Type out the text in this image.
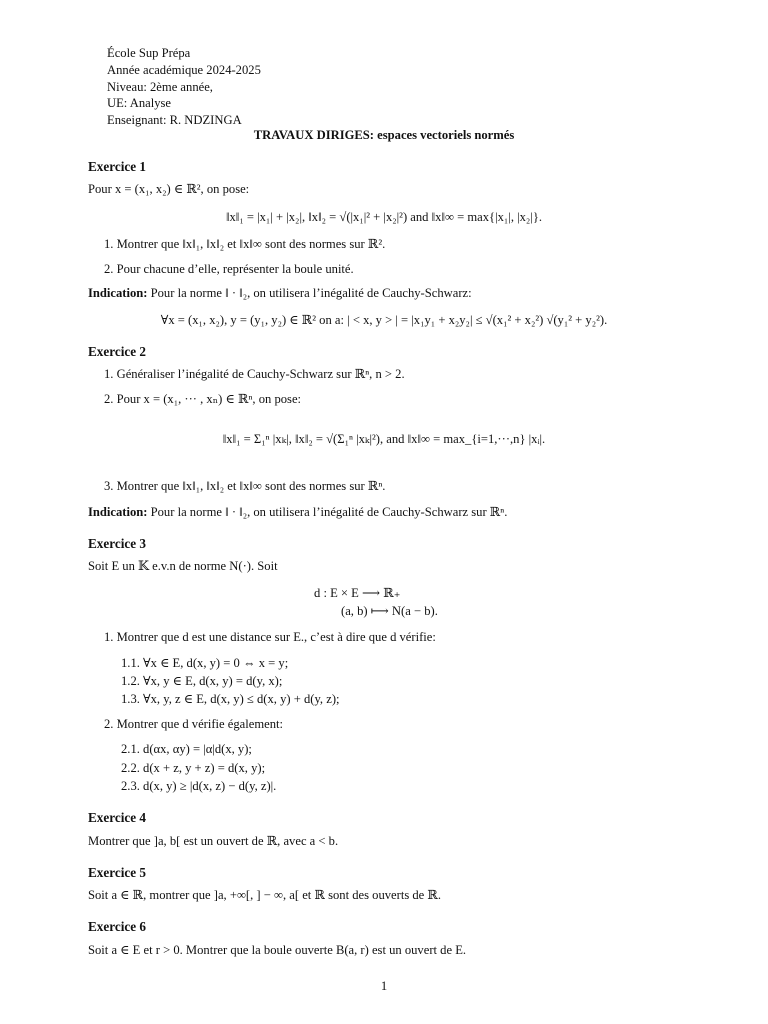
École Sup Prépa
Année académique 2024-2025
Niveau: 2ème année,
UE: Analyse
Enseignant: R. NDZINGA
TRAVAUX DIRIGES: espaces vectoriels normés
Exercice 1
Pour x = (x₁, x₂) ∈ ℝ², on pose:
‖x‖₁ = |x₁| + |x₂|, ‖x‖₂ = √(|x₁|² + |x₂|²) and ‖x‖∞ = max{|x₁|, |x₂|}.
1. Montrer que ‖x‖₁, ‖x‖₂ et ‖x‖∞ sont des normes sur ℝ².
2. Pour chacune d’elle, représenter la boule unité.
Indication: Pour la norme ‖ · ‖₂, on utilisera l’inégalité de Cauchy-Schwarz:
∀x = (x₁, x₂), y = (y₁, y₂) ∈ ℝ² on a: | < x, y > | = |x₁y₁ + x₂y₂| ≤ √(x₁² + x₂²) √(y₁² + y₂²).
Exercice 2
1. Généraliser l’inégalité de Cauchy-Schwarz sur ℝⁿ, n > 2.
2. Pour x = (x₁, ··· , xₙ) ∈ ℝⁿ, on pose:
‖x‖₁ = Σ₁ⁿ |xₖ|, ‖x‖₂ = √(Σ₁ⁿ |xₖ|²), and ‖x‖∞ = max_{i=1,···,n} |xᵢ|.
3. Montrer que ‖x‖₁, ‖x‖₂ et ‖x‖∞ sont des normes sur ℝⁿ.
Indication: Pour la norme ‖ · ‖₂, on utilisera l’inégalité de Cauchy-Schwarz sur ℝⁿ.
Exercice 3
Soit E un 𝕂 e.v.n de norme N(·). Soit
d : E × E ⟶ ℝ₊
(a, b) ⟼ N(a − b).
1. Montrer que d est une distance sur E., c’est à dire que d vérifie:
1.1. ∀x ∈ E, d(x, y) = 0 ⇔ x = y;
1.2. ∀x, y ∈ E, d(x, y) = d(y, x);
1.3. ∀x, y, z ∈ E, d(x, y) ≤ d(x, y) + d(y, z);
2. Montrer que d vérifie également:
2.1. d(αx, αy) = |α|d(x, y);
2.2. d(x + z, y + z) = d(x, y);
2.3. d(x, y) ≥ |d(x, z) − d(y, z)|.
Exercice 4
Montrer que ]a, b[ est un ouvert de ℝ, avec a < b.
Exercice 5
Soit a ∈ ℝ, montrer que ]a, +∞[, ] − ∞, a[ et ℝ sont des ouverts de ℝ.
Exercice 6
Soit a ∈ E et r > 0. Montrer que la boule ouverte B(a, r) est un ouvert de E.
1
